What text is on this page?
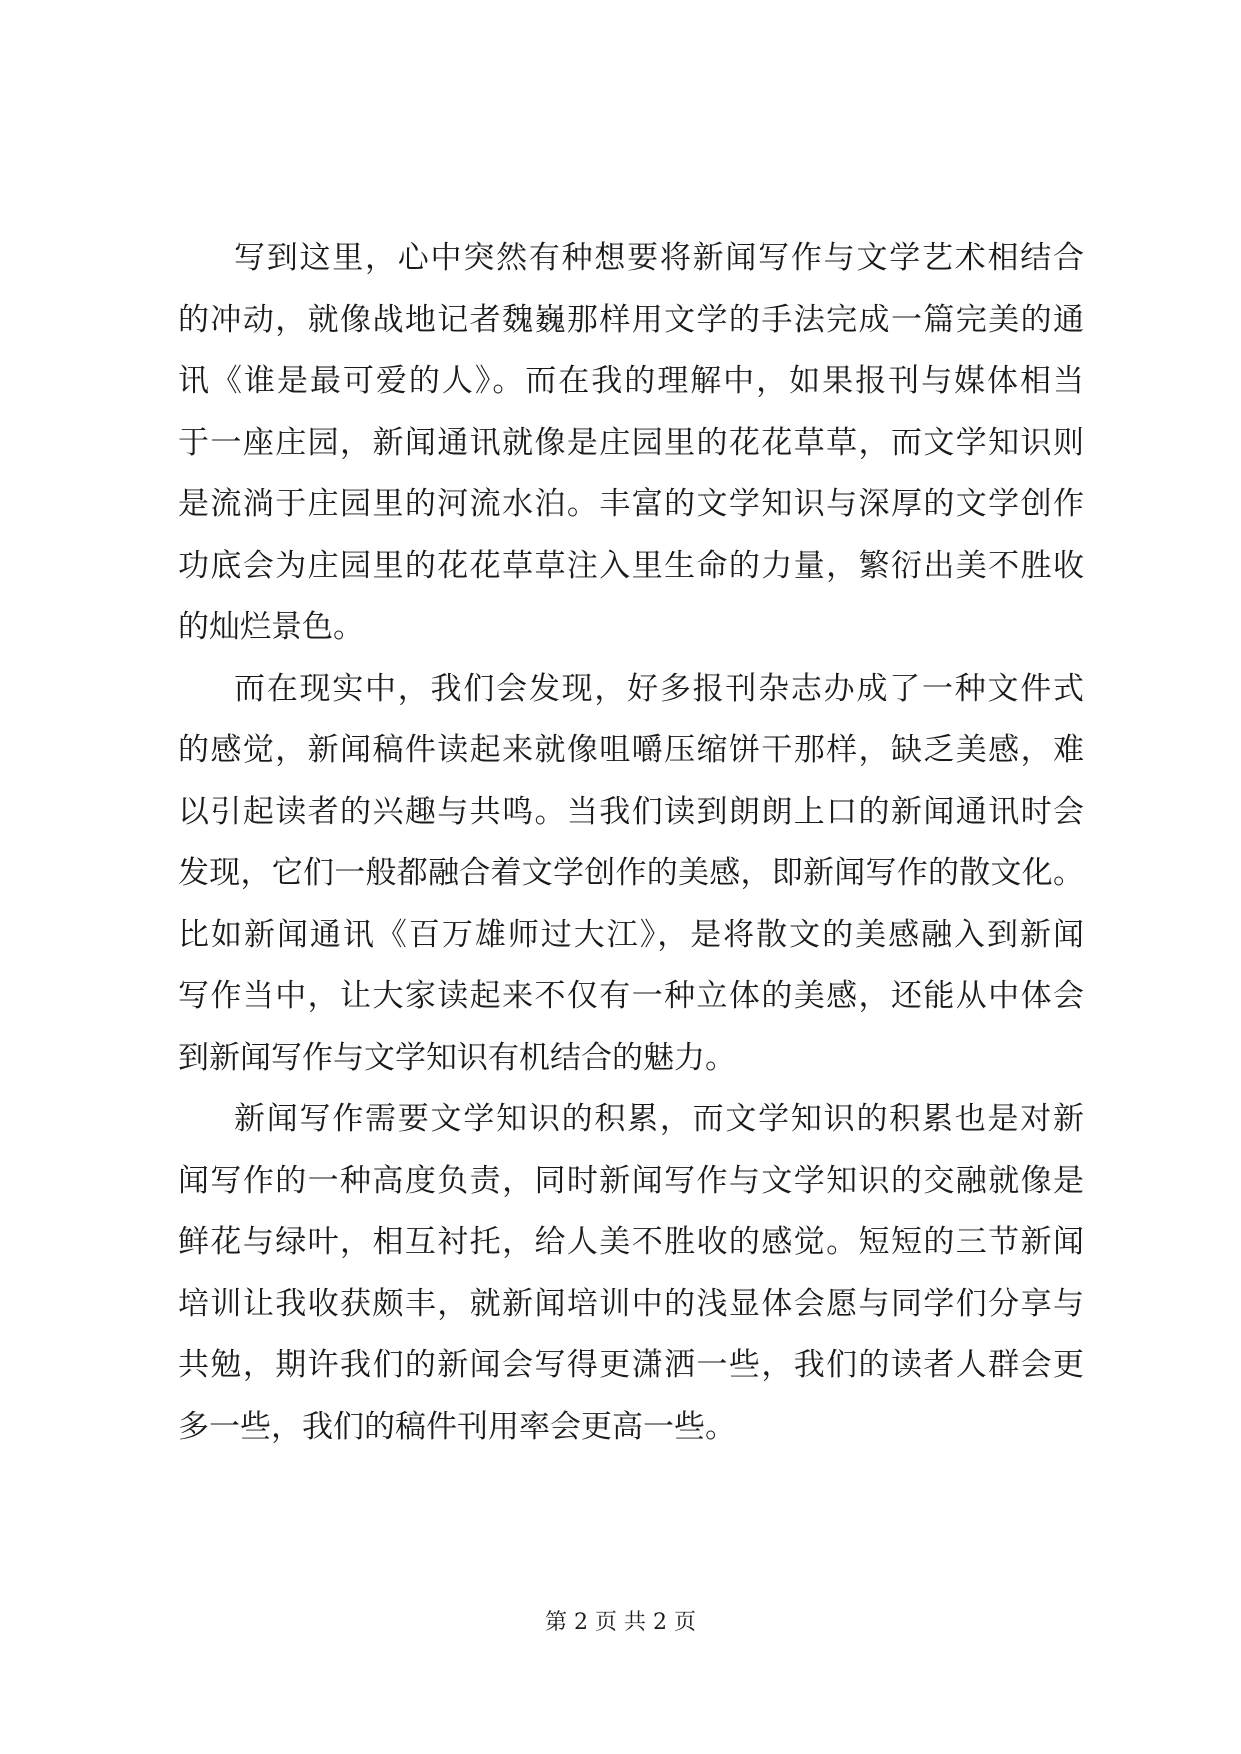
写到这里，心中突然有种想要将新闻写作与文学艺术相结合
的冲动，就像战地记者魏巍那样用文学的手法完成一篇完美的通
讯《谁是最可爱的人》。而在我的理解中，如果报刊与媒体相当
于一座庄园，新闻通讯就像是庄园里的花花草草，而文学知识则
是流淌于庄园里的河流水泊。丰富的文学知识与深厚的文学创作
功底会为庄园里的花花草草注入里生命的力量，繁衍出美不胜收
的灿烂景色。
而在现实中，我们会发现，好多报刊杂志办成了一种文件式
的感觉，新闻稿件读起来就像咀嚼压缩饼干那样，缺乏美感，难
以引起读者的兴趣与共鸣。当我们读到朗朗上口的新闻通讯时会
发现，它们一般都融合着文学创作的美感，即新闻写作的散文化。
比如新闻通讯《百万雄师过大江》，是将散文的美感融入到新闻
写作当中，让大家读起来不仅有一种立体的美感，还能从中体会
到新闻写作与文学知识有机结合的魅力。
新闻写作需要文学知识的积累，而文学知识的积累也是对新
闻写作的一种高度负责，同时新闻写作与文学知识的交融就像是
鲜花与绿叶，相互衬托，给人美不胜收的感觉。短短的三节新闻
培训让我收获颇丰，就新闻培训中的浅显体会愿与同学们分享与
共勉，期许我们的新闻会写得更潇洒一些，我们的读者人群会更
多一些，我们的稿件刊用率会更高一些。
第 2 页 共 2 页
